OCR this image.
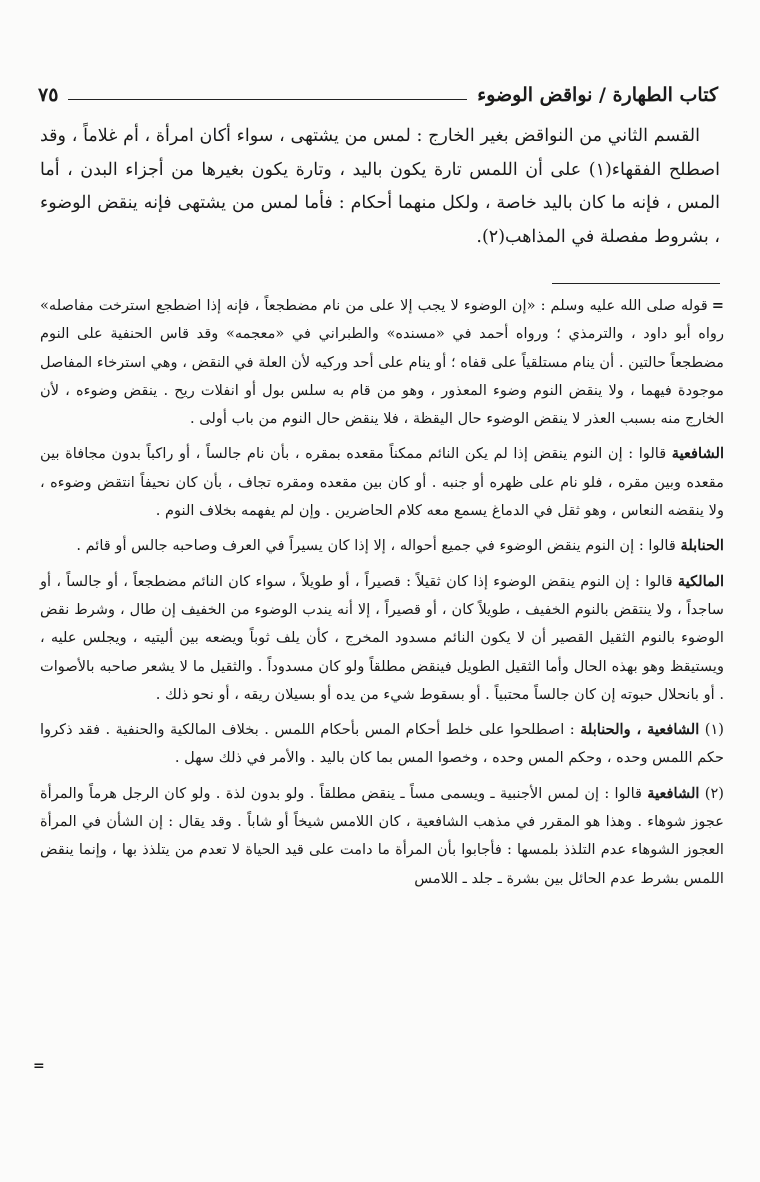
كتاب الطهارة / نواقض الوضوء
٧٥

القسم الثاني من النواقض بغير الخارج : لمس من يشتهى ، سواء أكان امرأة ، أم غلاماً ، وقد اصطلح الفقهاء(١) على أن اللمس تارة يكون باليد ، وتارة يكون بغيرها من أجزاء البدن ، أما المس ، فإنه ما كان باليد خاصة ، ولكل منهما أحكام : فأما لمس من يشتهى فإنه ينقض الوضوء ، بشروط مفصلة في المذاهب(٢).

=قوله صلى الله عليه وسلم : «إن الوضوء لا يجب إلا على من نام مضطجعاً ، فإنه إذا اضطجع استرخت مفاصله» رواه أبو داود ، والترمذي ؛ ورواه أحمد في «مسنده» والطبراني في «معجمه» وقد قاس الحنفية على النوم مضطجعاً حالتين . أن ينام مستلقياً على قفاه ؛ أو ينام على أحد وركيه لأن العلة في النقض ، وهي استرخاء المفاصل موجودة فيهما ، ولا ينقض النوم وضوء المعذور ، وهو من قام به سلس بول أو انفلات ريح . ينقض وضوءه ، لأن الخارج منه بسبب العذر لا ينقض الوضوء حال اليقظة ، فلا ينقض حال النوم من باب أولى .

الشافعية قالوا : إن النوم ينقض إذا لم يكن النائم ممكناً مقعده بمقره ، بأن نام جالساً ، أو راكباً بدون مجافاة بين مقعده وبين مقره ، فلو نام على ظهره أو جنبه . أو كان بين مقعده ومقره تجاف ، بأن كان نحيفاً انتقض وضوءه ، ولا ينقضه النعاس ، وهو ثقل في الدماغ يسمع معه كلام الحاضرين . وإن لم يفهمه بخلاف النوم .

الحنابلة قالوا : إن النوم ينقض الوضوء في جميع أحواله ، إلا إذا كان يسيراً في العرف وصاحبه جالس أو قائم .

المالكية قالوا : إن النوم ينقض الوضوء إذا كان ثقيلاً : قصيراً ، أو طويلاً ، سواء كان النائم مضطجعاً ، أو جالساً ، أو ساجداً ، ولا ينتقض بالنوم الخفيف ، طويلاً كان ، أو قصيراً ، إلا أنه يندب الوضوء من الخفيف إن طال ، وشرط نقض الوضوء بالنوم الثقيل القصير أن لا يكون النائم مسدود المخرج ، كأن يلف ثوباً ويضعه بين أليتيه ، ويجلس عليه ، ويستيقظ وهو بهذه الحال وأما الثقيل الطويل فينقض مطلقاً ولو كان مسدوداً . والثقيل ما لا يشعر صاحبه بالأصوات . أو بانحلال حبوته إن كان جالساً محتبياً . أو بسقوط شيء من يده أو بسيلان ريقه ، أو نحو ذلك .

(١) الشافعية ، والحنابلة : اصطلحوا على خلط أحكام المس بأحكام اللمس . بخلاف المالكية والحنفية . فقد ذكروا حكم اللمس وحده ، وحكم المس وحده ، وخصوا المس بما كان باليد . والأمر في ذلك سهل .

(٢) الشافعية قالوا : إن لمس الأجنبية ـ ويسمى مساً ـ ينقض مطلقاً . ولو بدون لذة . ولو كان الرجل هرماً والمرأة عجوز شوهاء . وهذا هو المقرر في مذهب الشافعية ، كان اللامس شيخاً أو شاباً . وقد يقال : إن الشأن في المرأة العجوز الشوهاء عدم التلذذ بلمسها : فأجابوا بأن المرأة ما دامت على قيد الحياة لا تعدم من يتلذذ بها ، وإنما ينقض اللمس بشرط عدم الحائل بين بشرة ـ جلد ـ اللامس

=
